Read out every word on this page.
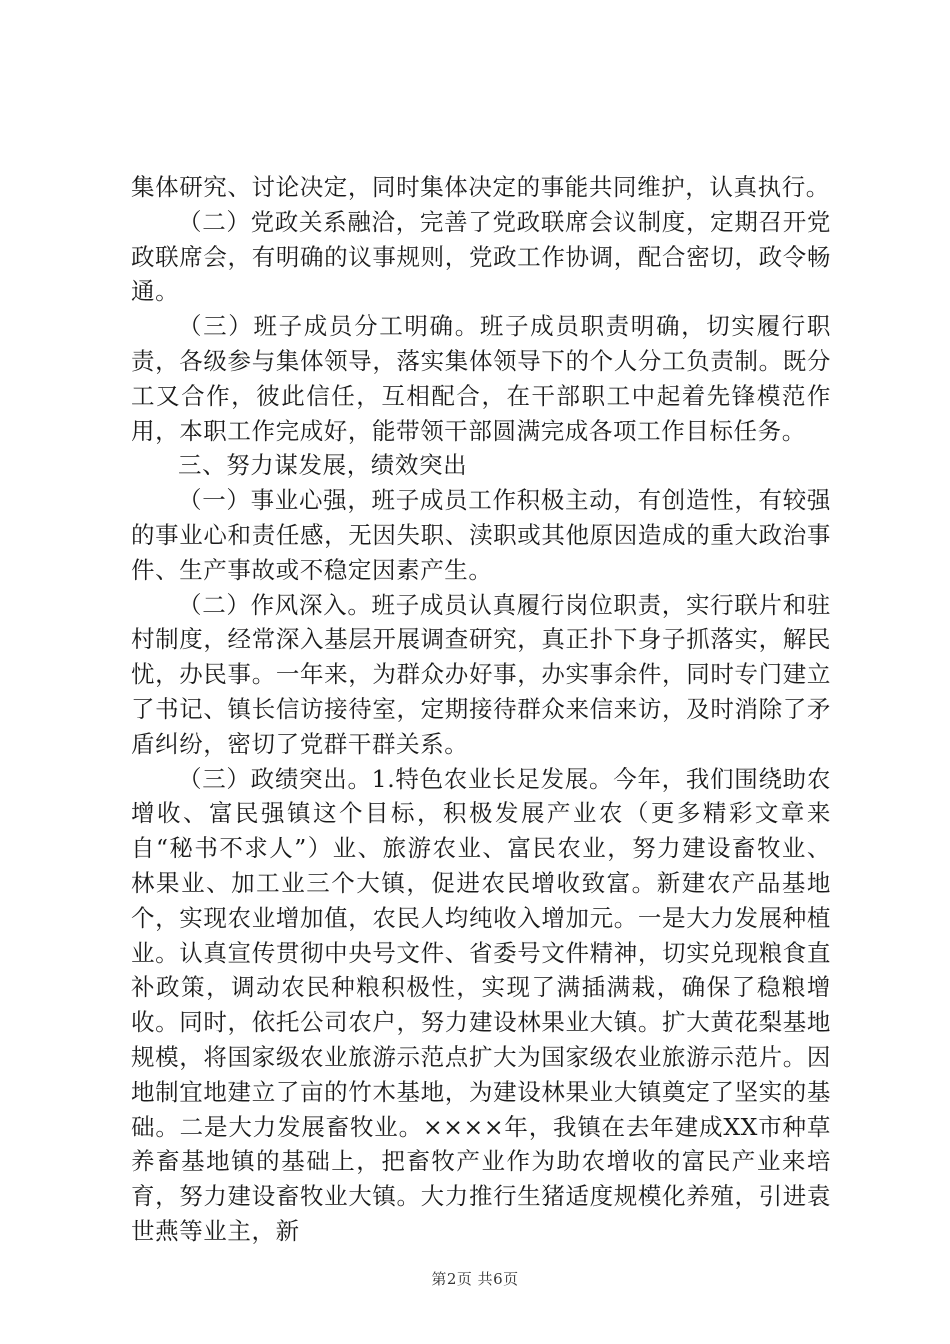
集体研究、讨论决定，同时集体决定的事能共同维护，认真执行。

（二）党政关系融洽，完善了党政联席会议制度，定期召开党政联席会，有明确的议事规则，党政工作协调，配合密切，政令畅通。

（三）班子成员分工明确。班子成员职责明确，切实履行职责，各级参与集体领导，落实集体领导下的个人分工负责制。既分工又合作，彼此信任，互相配合，在干部职工中起着先锋模范作用，本职工作完成好，能带领干部圆满完成各项工作目标任务。

三、努力谋发展，绩效突出

（一）事业心强，班子成员工作积极主动，有创造性，有较强的事业心和责任感，无因失职、渎职或其他原因造成的重大政治事件、生产事故或不稳定因素产生。

（二）作风深入。班子成员认真履行岗位职责，实行联片和驻村制度，经常深入基层开展调查研究，真正扑下身子抓落实，解民忧，办民事。一年来，为群众办好事，办实事余件，同时专门建立了书记、镇长信访接待室，定期接待群众来信来访，及时消除了矛盾纠纷，密切了党群干群关系。

（三）政绩突出。1.特色农业长足发展。今年，我们围绕助农增收、富民强镇这个目标，积极发展产业农（更多精彩文章来自“秘书不求人”）业、旅游农业、富民农业，努力建设畜牧业、林果业、加工业三个大镇，促进农民增收致富。新建农产品基地个，实现农业增加值，农民人均纯收入增加元。一是大力发展种植业。认真宣传贯彻中央号文件、省委号文件精神，切实兑现粮食直补政策，调动农民种粮积极性，实现了满插满栽，确保了稳粮增收。同时，依托公司农户，努力建设林果业大镇。扩大黄花梨基地规模，将国家级农业旅游示范点扩大为国家级农业旅游示范片。因地制宜地建立了亩的竹木基地，为建设林果业大镇奠定了坚实的基础。二是大力发展畜牧业。××××年，我镇在去年建成XX市种草养畜基地镇的基础上，把畜牧产业作为助农增收的富民产业来培育，努力建设畜牧业大镇。大力推行生猪适度规模化养殖，引进袁世燕等业主，新

第2页 共6页
